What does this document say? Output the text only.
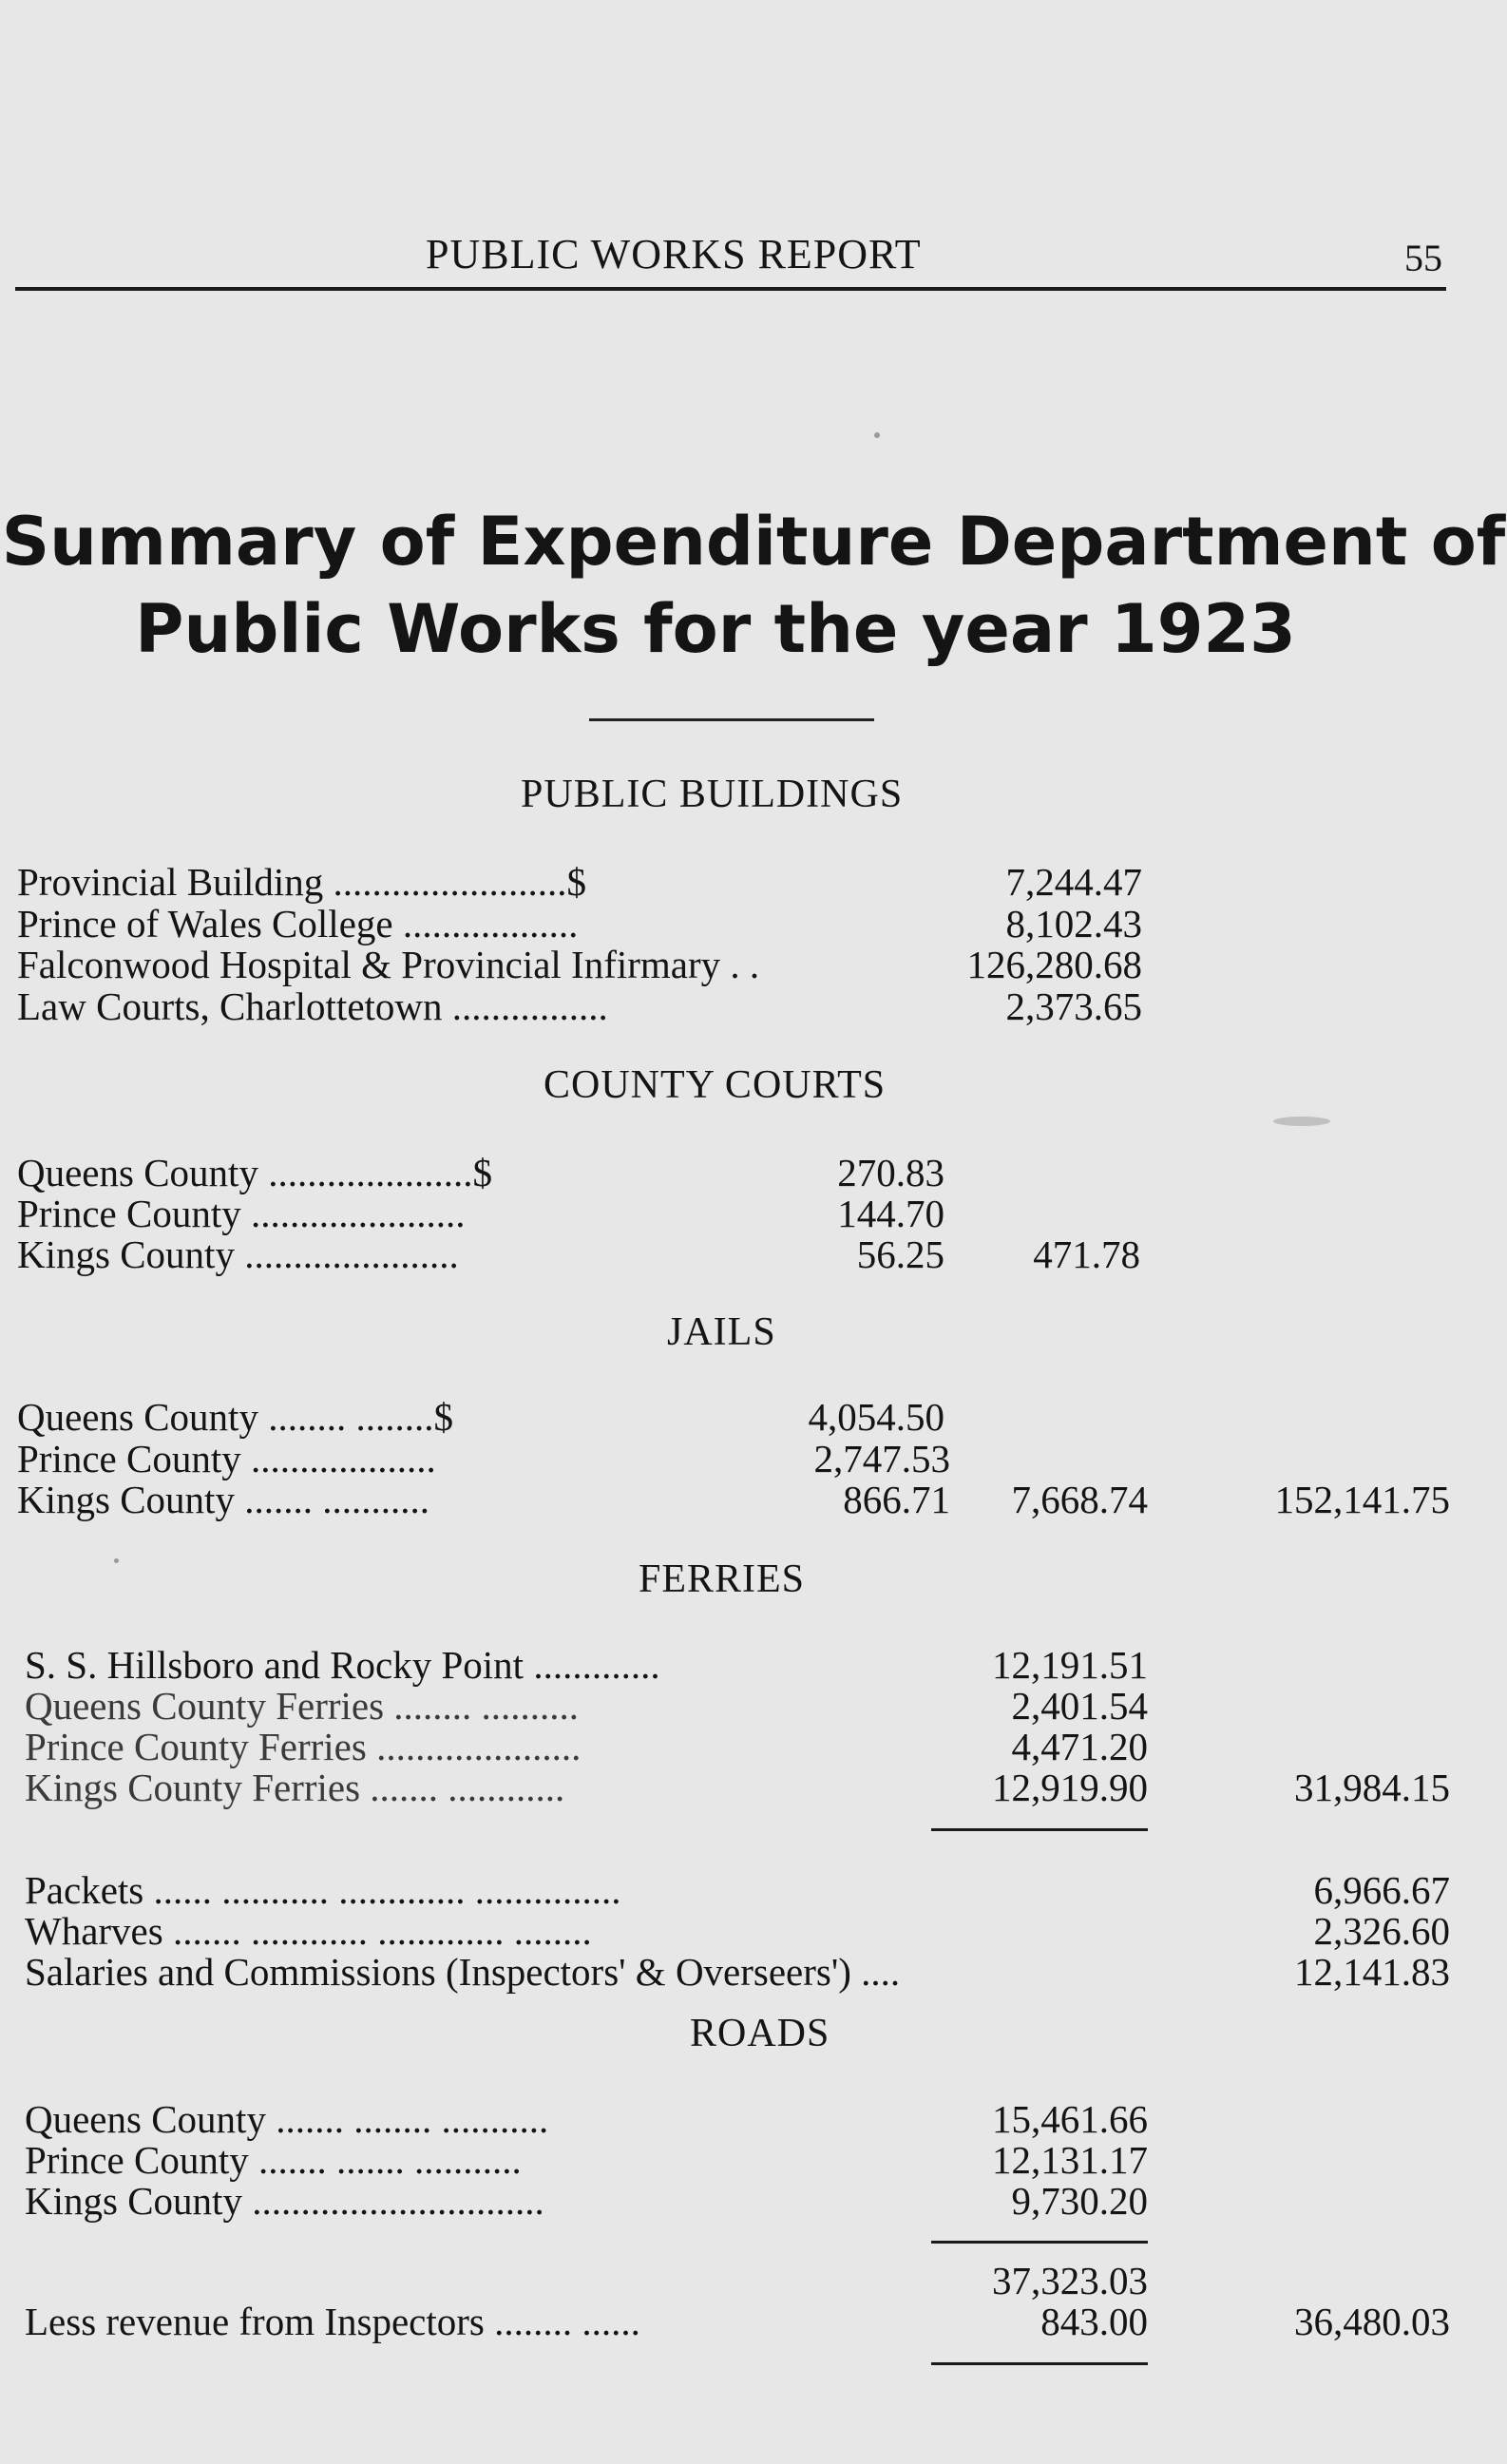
PUBLIC WORKS REPORT	55
Summary of Expenditure Department of
Public Works for the year 1923
PUBLIC BUILDINGS
Provincial Building ........................$	7,244.47
Prince of Wales College ..................	8,102.43
Falconwood Hospital & Provincial Infirmary . .	126,280.68
Law Courts, Charlottetown ................	2,373.65
COUNTY COURTS
Queens County .....................$	270.83
Prince County ......................	144.70
Kings County ......................	56.25	471.78
JAILS
Queens County ........ ........$	4,054.50
Prince County ...................	2,747.53
Kings County ....... ...........	866.71	7,668.74	152,141.75
FERRIES
S. S. Hillsboro and Rocky Point .............	12,191.51
Queens County Ferries ........ ..........	2,401.54
Prince County Ferries .....................	4,471.20
Kings County Ferries ....... ............	12,919.90	31,984.15
Packets ...... ........... ............. ...............	6,966.67
Wharves ....... ............ ............. ........	2,326.60
Salaries and Commissions (Inspectors' & Overseers') ....	12,141.83
ROADS
Queens County ....... ........ ...........	15,461.66
Prince County ....... ....... ...........	12,131.17
Kings County ..............................	9,730.20
37,323.03
Less revenue from Inspectors ........ ......	843.00	36,480.03
